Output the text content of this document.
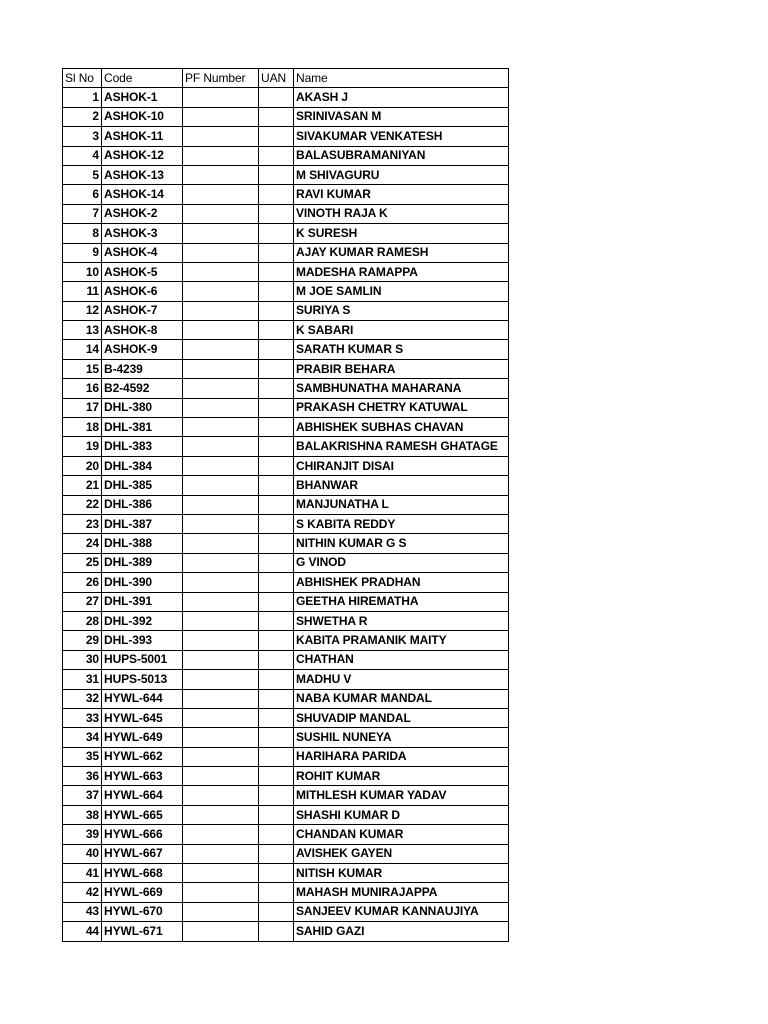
Sl No	Code	PF Number	UAN	Name
1	ASHOK-1			AKASH J
2	ASHOK-10			SRINIVASAN M
3	ASHOK-11			SIVAKUMAR VENKATESH
4	ASHOK-12			BALASUBRAMANIYAN
5	ASHOK-13			M SHIVAGURU
6	ASHOK-14			RAVI KUMAR
7	ASHOK-2			VINOTH RAJA K
8	ASHOK-3			K SURESH
9	ASHOK-4			AJAY KUMAR RAMESH
10	ASHOK-5			MADESHA RAMAPPA
11	ASHOK-6			M JOE SAMLIN
12	ASHOK-7			SURIYA S
13	ASHOK-8			K SABARI
14	ASHOK-9			SARATH KUMAR S
15	B-4239			PRABIR BEHARA
16	B2-4592			SAMBHUNATHA MAHARANA
17	DHL-380			PRAKASH CHETRY KATUWAL
18	DHL-381			ABHISHEK SUBHAS CHAVAN
19	DHL-383			BALAKRISHNA RAMESH GHATAGE
20	DHL-384			CHIRANJIT DISAI
21	DHL-385			BHANWAR
22	DHL-386			MANJUNATHA L
23	DHL-387			S KABITA REDDY
24	DHL-388			NITHIN KUMAR G S
25	DHL-389			G VINOD
26	DHL-390			ABHISHEK PRADHAN
27	DHL-391			GEETHA HIREMATHA
28	DHL-392			SHWETHA R
29	DHL-393			KABITA PRAMANIK MAITY
30	HUPS-5001			CHATHAN
31	HUPS-5013			MADHU V
32	HYWL-644			NABA KUMAR MANDAL
33	HYWL-645			SHUVADIP MANDAL
34	HYWL-649			SUSHIL NUNEYA
35	HYWL-662			HARIHARA PARIDA
36	HYWL-663			ROHIT KUMAR
37	HYWL-664			MITHLESH KUMAR YADAV
38	HYWL-665			SHASHI KUMAR D
39	HYWL-666			CHANDAN KUMAR
40	HYWL-667			AVISHEK GAYEN
41	HYWL-668			NITISH KUMAR
42	HYWL-669			MAHASH MUNIRAJAPPA
43	HYWL-670			SANJEEV KUMAR KANNAUJIYA
44	HYWL-671			SAHID GAZI
